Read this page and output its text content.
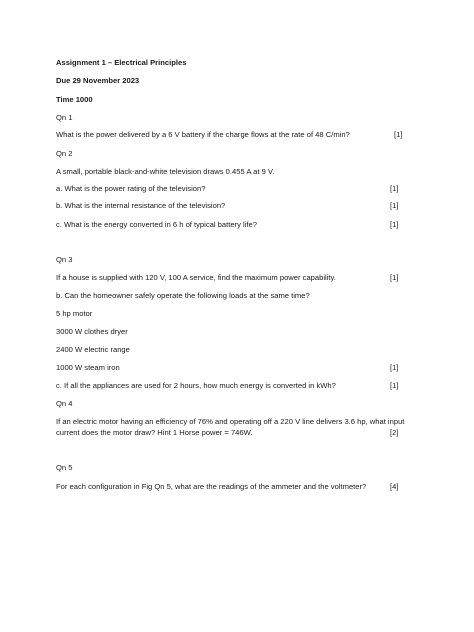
Assignment 1 – Electrical Principles
Due 29 November 2023
Time 1000
Qn 1
What is the power delivered by a 6 V battery if the charge flows at the rate of 48 C/min?	[1]
Qn 2
A small, portable black-and-white television draws 0.455 A at 9 V.
a. What is the power rating of the television?	[1]
b. What is the internal resistance of the television?	[1]
c. What is the energy converted in 6 h of typical battery life?	[1]
Qn 3
If a house is supplied with 120 V, 100 A service, find the maximum power capability.	[1]
b. Can the homeowner safely operate the following loads at the same time?
5 hp motor
3000 W clothes dryer
2400 W electric range
1000 W steam iron	[1]
c. If all the appliances are used for 2 hours, how much energy is converted in kWh?	[1]
Qn 4
If an electric motor having an efficiency of 76% and operating off a 220 V line delivers 3.6 hp, what input
current does the motor draw? Hint 1 Horse power = 746W.	[2]
Qn 5
For each configuration in Fig Qn 5, what are the readings of the ammeter and the voltmeter?	[4]
